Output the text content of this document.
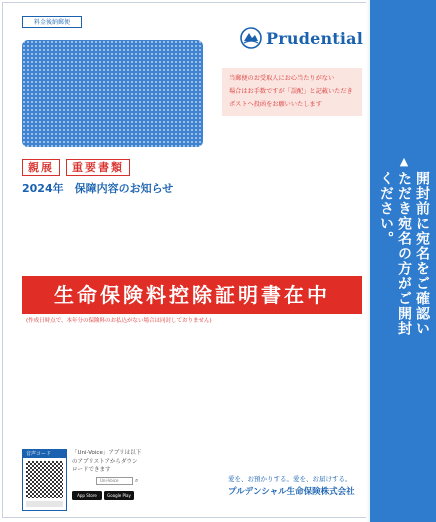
料金後納郵便
Prudential
当郵便のお受取人にお心当たりがない
場合はお手数ですが「誤配」と記載いただき
ポストへ投函をお願いいたします
親展	重要書類
2024年　保障内容のお知らせ
生命保険料控除証明書在中
(作成日時点で、本年分の保険料のお払込がない場合は同封しておりません)
▲
開封前に宛名をご確認いただき宛名の方がご開封ください。
音声コード	「Uni-Voice」アプリは以下
のアプリストアからダウン
ロードできます
Uni-Voice	⌕
App Store	Google Play
愛を、お預かりする。愛を、お届けする。
プルデンシャル生命保険株式会社
